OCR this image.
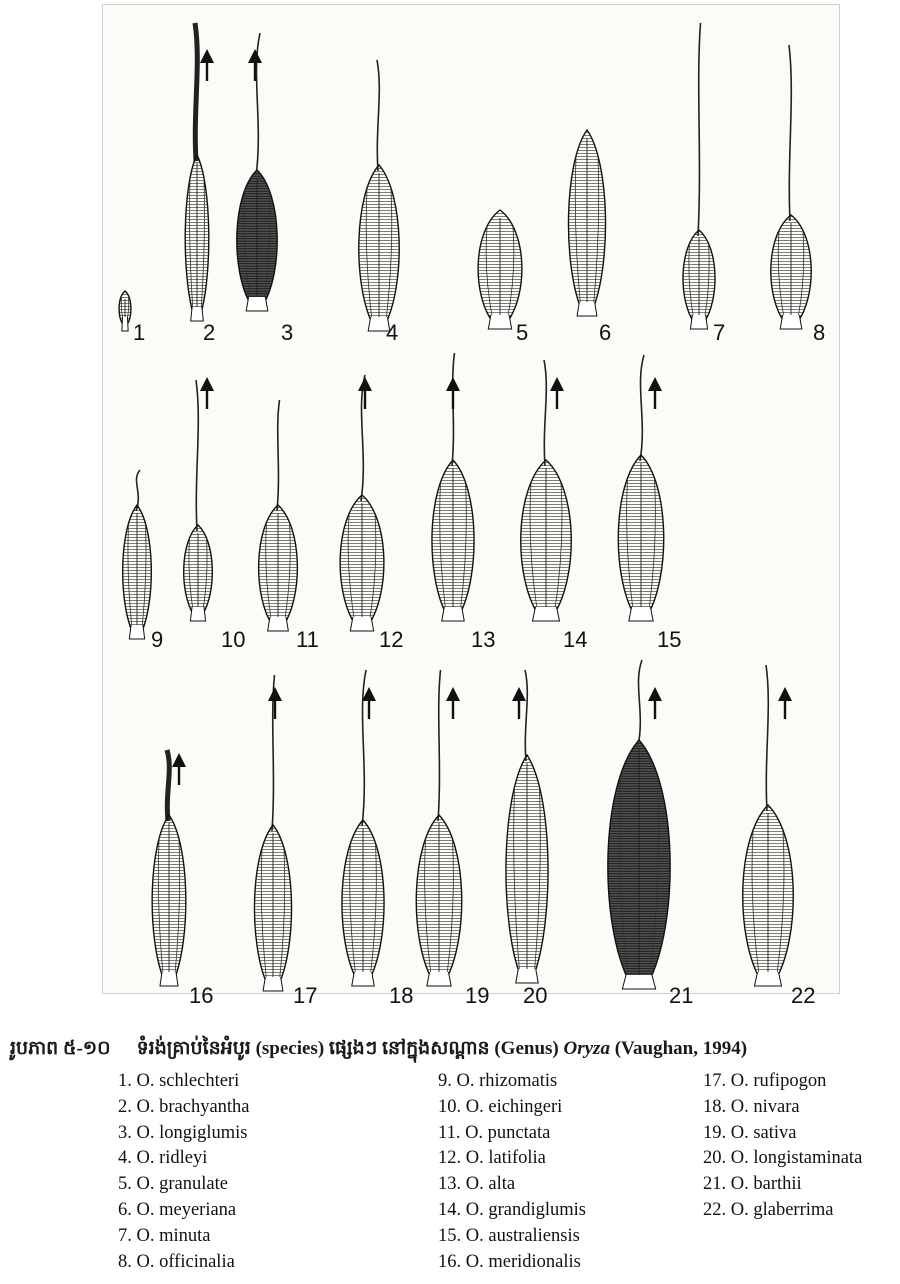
1	2	3	4	5	6	7	8
9	10 11	12	13	14	15
16	17	18 19 20	21	22
រូបភាព ៥-១០ ទំរង់គ្រាប់នៃអំបូរ (species) ផ្សេងៗ នៅក្នុងសណ្ដាន (Genus) Oryza (Vaughan, 1994)
1. O. schlechteri
2. O. brachyantha
3. O. longiglumis
4. O. ridleyi
5. O. granulate
6. O. meyeriana
7. O. minuta
8. O. officinalia
9. O. rhizomatis
10. O. eichingeri
11. O. punctata
12. O. latifolia
13. O. alta
14. O. grandiglumis
15. O. australiensis
16. O. meridionalis
17. O. rufipogon
18. O. nivara
19. O. sativa
20. O. longistaminata
21. O. barthii
22. O. glaberrima
